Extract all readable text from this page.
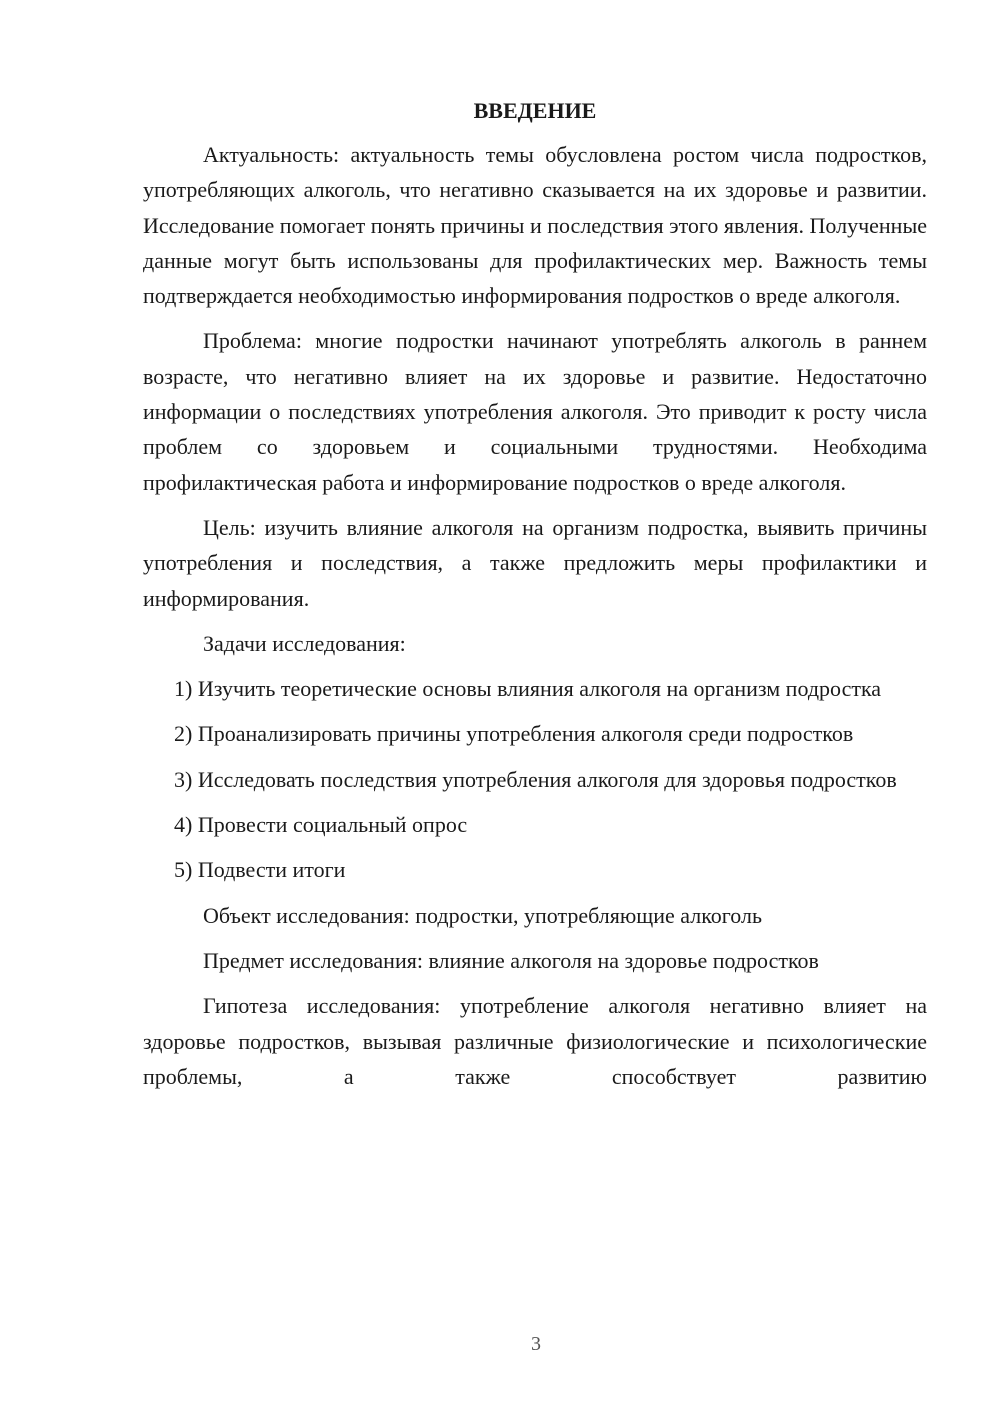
ВВЕДЕНИЕ

Актуальность: актуальность темы обусловлена ростом числа подростков, употребляющих алкоголь, что негативно сказывается на их здоровье и развитии. Исследование помогает понять причины и последствия этого явления. Полученные данные могут быть использованы для профилактических мер. Важность темы подтверждается необходимостью информирования подростков о вреде алкоголя.

Проблема: многие подростки начинают употреблять алкоголь в раннем возрасте, что негативно влияет на их здоровье и развитие. Недостаточно информации о последствиях употребления алкоголя. Это приводит к росту числа проблем со здоровьем и социальными трудностями. Необходима профилактическая работа и информирование подростков о вреде алкоголя.

Цель: изучить влияние алкоголя на организм подростка, выявить причины употребления и последствия, а также предложить меры профилактики и информирования.

Задачи исследования:

1) Изучить теоретические основы влияния алкоголя на организм подростка

2) Проанализировать причины употребления алкоголя среди подростков

3) Исследовать последствия употребления алкоголя для здоровья подростков

4) Провести социальный опрос

5) Подвести итоги

Объект исследования: подростки, употребляющие алкоголь

Предмет исследования: влияние алкоголя на здоровье подростков

Гипотеза исследования: употребление алкоголя негативно влияет на здоровье подростков, вызывая различные физиологические и психологические проблемы, а также способствует развитию

3
